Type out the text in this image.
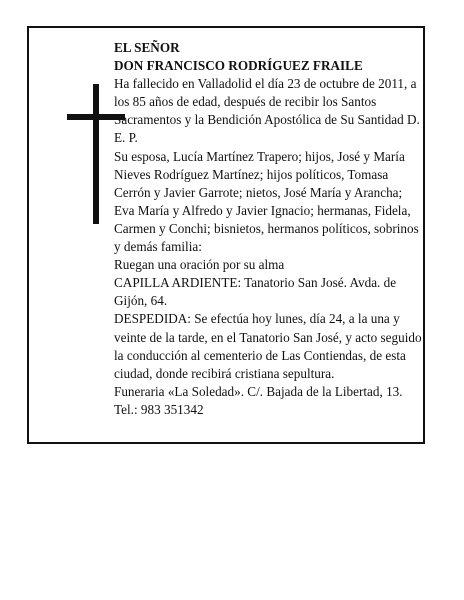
EL SEÑOR

DON FRANCISCO RODRÍGUEZ FRAILE

Ha fallecido en Valladolid el día 23 de octubre de 2011, a los 85 años de edad, después de recibir los Santos Sacramentos y la Bendición Apostólica de Su Santidad D. E. P.

Su esposa, Lucía Martínez Trapero; hijos, José y María Nieves Rodríguez Martínez; hijos políticos, Tomasa Cerrón y Javier Garrote; nietos, José María y Arancha; Eva María y Alfredo y Javier Ignacio; hermanas, Fidela, Carmen y Conchi; bisnietos, hermanos políticos, sobrinos y demás familia:

Ruegan una oración por su alma

CAPILLA ARDIENTE: Tanatorio San José. Avda. de Gijón, 64.

DESPEDIDA: Se efectúa hoy lunes, día 24, a la una y veinte de la tarde, en el Tanatorio San José, y acto seguido la conducción al cementerio de Las Contiendas, de esta ciudad, donde recibirá cristiana sepultura.

Funeraria «La Soledad». C/. Bajada de la Libertad, 13. Tel.: 983 351342
